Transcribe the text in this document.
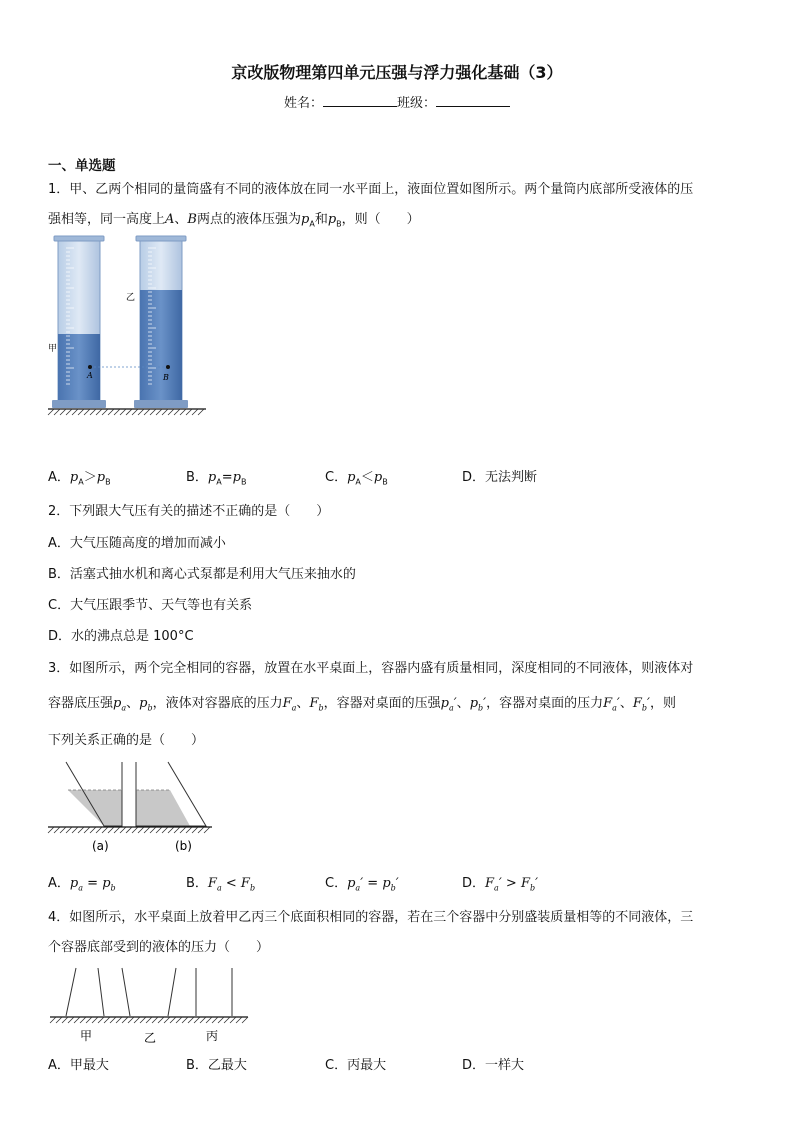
京改版物理第四单元压强与浮力强化基础（3）
姓名：	班级：
一、单选题
1．甲、乙两个相同的量筒盛有不同的液体放在同一水平面上，液面位置如图所示。两个量筒内底部所受液体的压
强相等，同一高度上A、B两点的液体压强为$p_A$和$p_B$，则（　　）
A	B
甲
乙
A．$p_A>p_B$	B．$p_A=p_B$	C．$p_A<p_B$	D．无法判断
2．下列跟大气压有关的描述不正确的是（　　）
A．大气压随高度的增加而减小
B．活塞式抽水机和离心式泵都是利用大气压来抽水的
C．大气压跟季节、天气等也有关系
D．水的沸点总是 100°C
3．如图所示，两个完全相同的容器，放置在水平桌面上，容器内盛有质量相同，深度相同的不同液体，则液体对
容器底压强$p_a$、$p_b$，液体对容器底的压力$F_a$、$F_b$，容器对桌面的压强$p_a'$、$p_b'$，容器对桌面的压力$F_a'$、$F_b'$，则
下列关系正确的是（　　）
(a)	(b)
A．$p_a = p_b$	B．$F_a < F_b$	C．$p_a' = p_b'$	D．$F_a' > F_b'$
4．如图所示，水平桌面上放着甲乙丙三个底面积相同的容器，若在三个容器中分别盛装质量相等的不同液体，三
个容器底部受到的液体的压力（　　）
甲	乙	丙
A．甲最大	B．乙最大	C．丙最大	D．一样大
